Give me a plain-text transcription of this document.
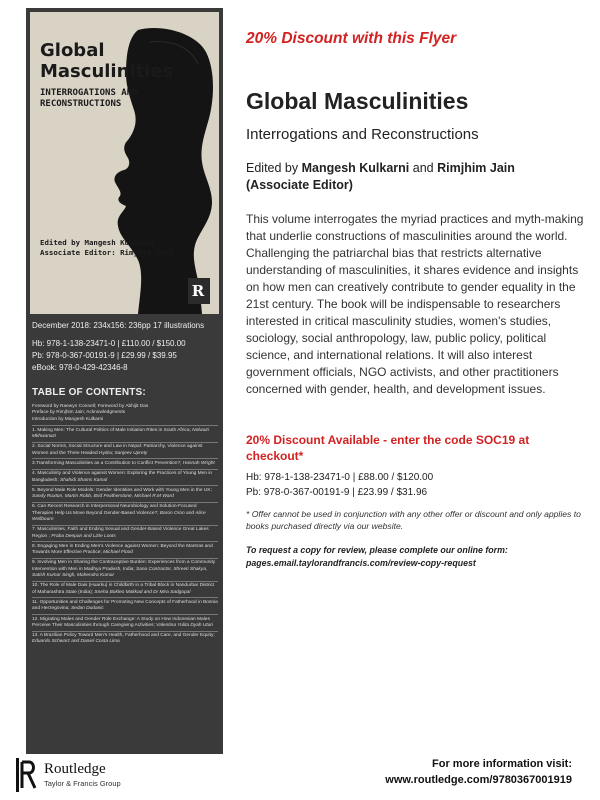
Global
Masculinities
INTERROGATIONS AND
RECONSTRUCTIONS
Edited by Mangesh Kulkarni
Associate Editor: Rimjhim Jain
R
December 2018: 234x156: 236pp 17 illustrations
Hb: 978-1-138-23471-0 | £110.00 / $150.00
Pb: 978-0-367-00191-9 | £29.99 / $39.95
eBook: 978-0-429-42346-8
TABLE OF CONTENTS:
Foreword by Raewyn Connell; Foreword by Abhijit Das
Preface by Rimjhim Jain; Acknowledgments
Introduction by Mangesh Kulkarni
1. Making Men: The Cultural Politics of Male Initiation Rites in South Africa; Nolwazi Mkhwanazi
2. Social Norms, Social Structure and Law in Nepal: Patriarchy, Violence against Women and the Three Headed Hydra; Sanjeev Uprety
3.Transforming Masculinities as a Contribution to Conflict Prevention?; Hannah Wright
4. Masculinity and Violence against Women: Exploring the Practices of Young Men in Bangladesh; Shahidi Shams Kamal
5. Beyond Male Role Models: Gender Identities and Work with Young Men in the UK; Sandy Ruxton, Martin Robb, Brid Featherstone, Michael R.M Ward
6. Can Recent Research in Interpersonal Neurobiology and Solution-Focused Therapies Help Us Move Beyond Gender-Based Violence?; Baron Oron and Alice Wellbourn
7. Masculinities, Faith and Ending Sexual and Gender-Based Violence Great Lakes Region ; Praba Deepan and Lizle Loots
8. Engaging Men in Ending Men's Violence against Women: Beyond the Mantras and Towards More Effective Practice; Michael Flood
9. Involving Men in Sharing the Contraceptive Burden: Experiences from a Community Intervention with Men in Madhya Pradesh, India; Sana Contractor, Shreeti Shakya, Satish Kumar Singh, Mahendra Kumar
10. The Role of Male Dais (Huarku) in Childbirth in a Tribal Block in Nandurbar District of Maharashtra State (India); Sneha Bokleo Makkad and Dr Mira Sadgopal
11. Opportunities and Challenges for Promoting New Concepts of Fatherhood in Bosnia and Herzegovina; Sedan Dudanic
12. Migrating Males and Gender Role Exchange: A Study on How Indonesian Males Perceive Their Masculinities through Caregiving Activities; Valentina Yulita Dyah Utari
13. A Brazilian Policy Toward Men's Health, Fatherhood and Care, and Gender Equity; Eduardo Schwarz and Daniel Costa Lima
Routledge
Taylor & Francis Group
20% Discount with this Flyer
Global Masculinities
Interrogations and Reconstructions
Edited by Mangesh Kulkarni and Rimjhim Jain (Associate Editor)
This volume interrogates the myriad practices and myth-making that underlie constructions of masculinities around the world. Challenging the patriarchal bias that restricts alternative understanding of masculinities, it shares evidence and insights on how men can creatively contribute to gender equality in the 21st century. The book will be indispensable to researchers interested in critical masculinity studies, women's studies, sociology, social anthropology, law, public policy, political science, and international relations. It will also interest government officials, NGO activists, and other practitioners concerned with gender, health, and development issues.
20% Discount Available - enter the code SOC19 at checkout*
Hb: 978-1-138-23471-0 | £88.00 / $120.00
Pb: 978-0-367-00191-9 | £23.99 / $31.96
* Offer cannot be used in conjunction with any other offer or discount and only applies to books purchased directly via our website.
To request a copy for review, please complete our online form:
pages.email.taylorandfrancis.com/review-copy-request
For more information visit:
www.routledge.com/9780367001919
